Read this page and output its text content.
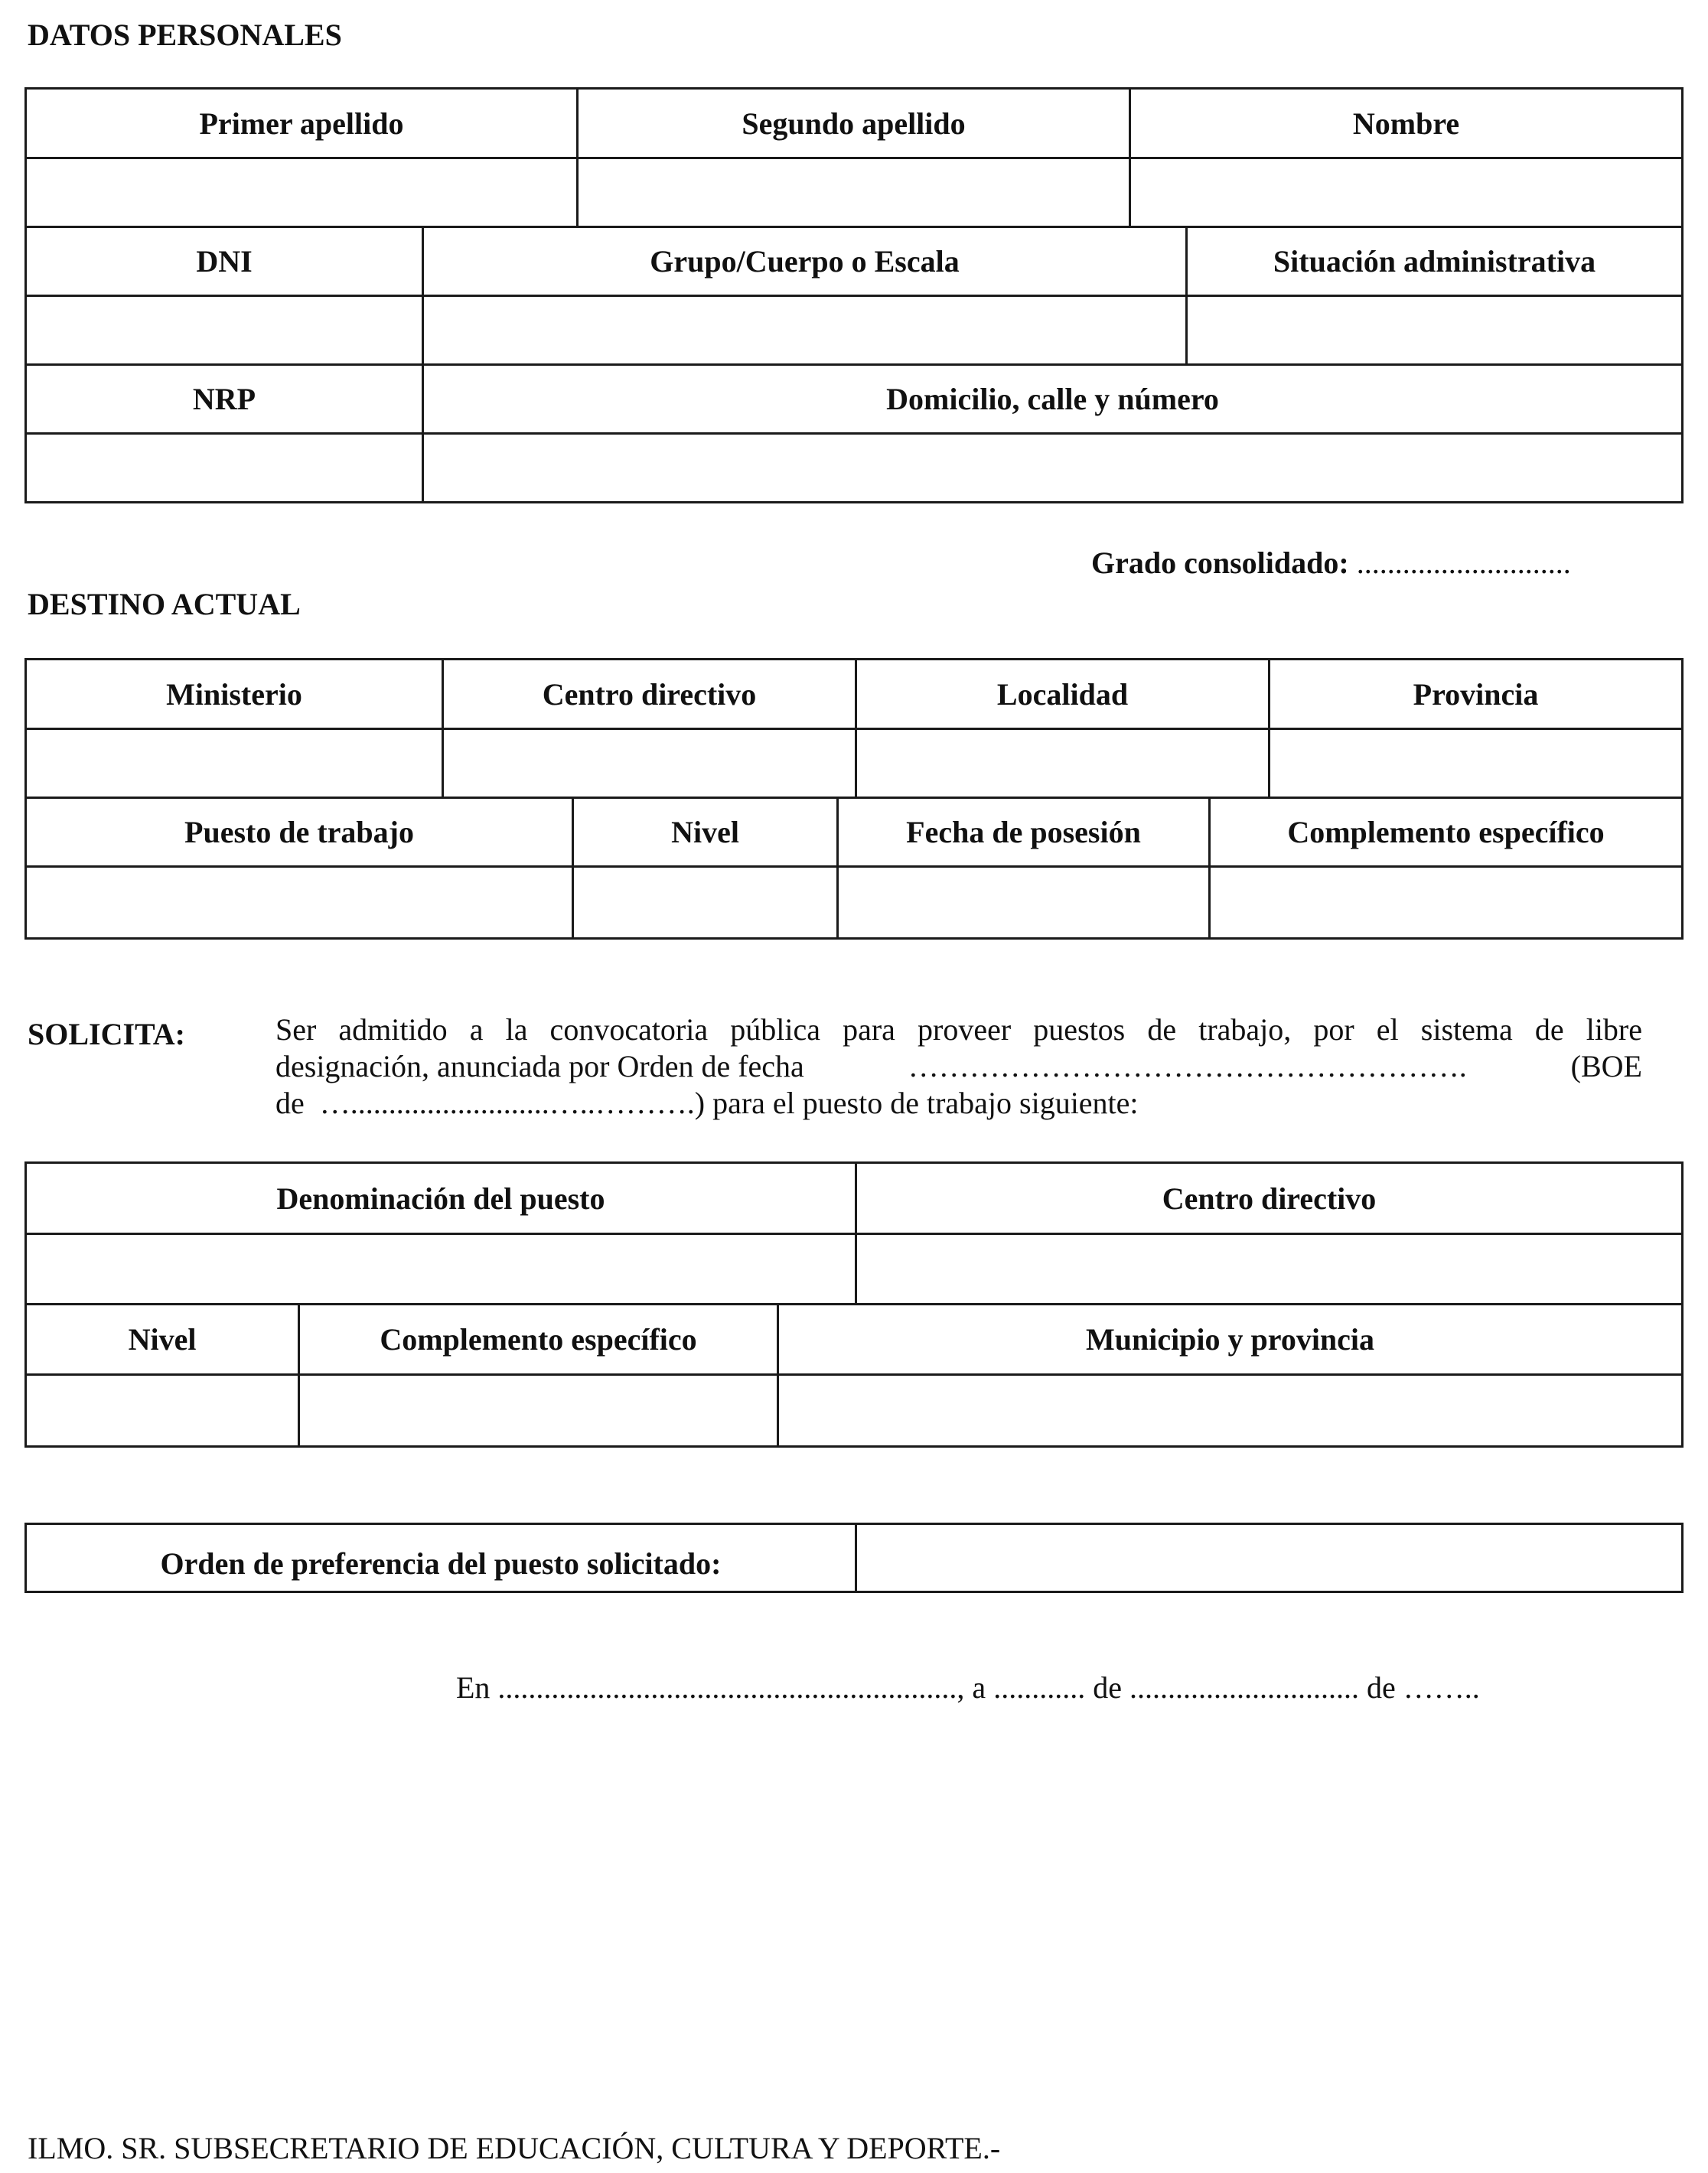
DATOS PERSONALES
Primer apellido	Segundo apellido	Nombre
DNI	Grupo/Cuerpo o Escala	Situación administrativa
NRP	Domicilio, calle y número
Grado consolidado: ............................
DESTINO ACTUAL
Ministerio	Centro directivo	Localidad	Provincia
Puesto de trabajo	Nivel	Fecha de posesión	Complemento específico
SOLICITA:	Ser admitido a la convocatoria pública para proveer puestos de trabajo, por el sistema de libre
designación, anunciada por Orden de fecha	……………………………………………….	(BOE
de  …..........................…..……….) para el puesto de trabajo siguiente:
Denominación del puesto	Centro directivo
Nivel	Complemento específico	Municipio y provincia
Orden de preferencia del puesto solicitado:
En ............................................................, a ............ de .............................. de ……..
ILMO. SR. SUBSECRETARIO DE EDUCACIÓN, CULTURA Y DEPORTE.-
